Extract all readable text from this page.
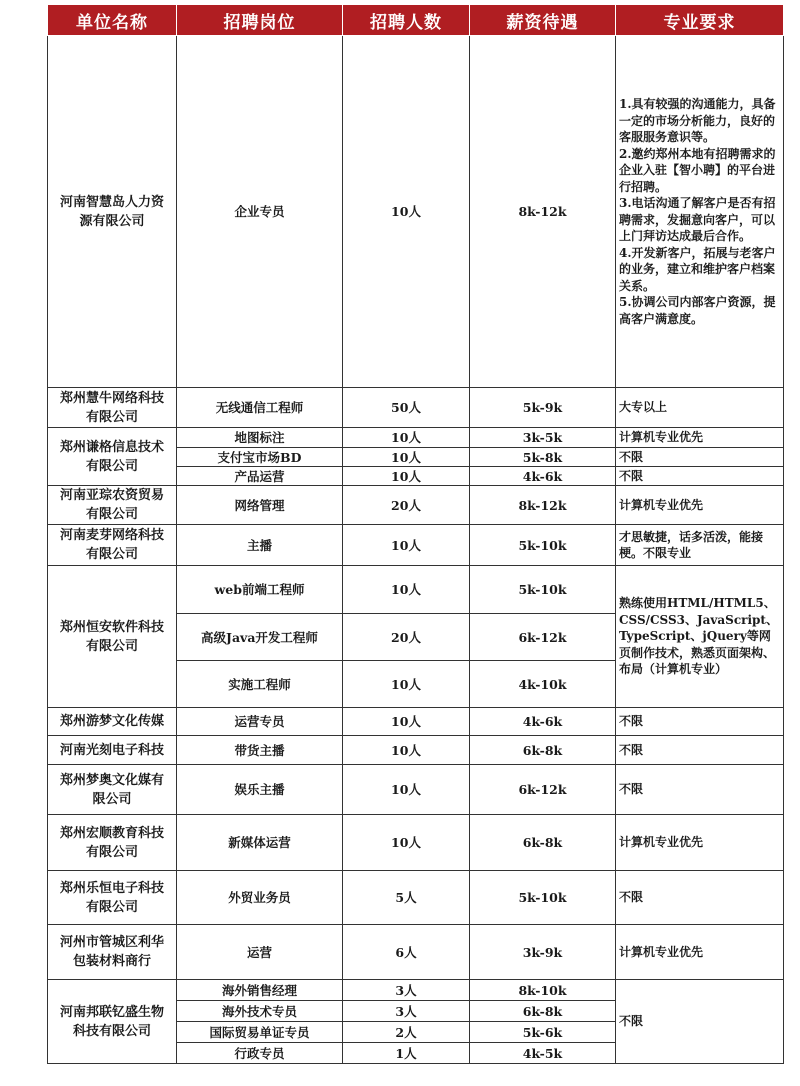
单位名称	招聘岗位	招聘人数	薪资待遇	专业要求
河南智慧岛人力资源有限公司	企业专员	10人	8k-12k	1.具有较强的沟通能力，具备一定的市场分析能力，良好的客服服务意识等。
2.邀约郑州本地有招聘需求的企业入驻【智小聘】的平台进行招聘。
3.电话沟通了解客户是否有招聘需求，发掘意向客户，可以上门拜访达成最后合作。
4.开发新客户，拓展与老客户的业务，建立和维护客户档案关系。
5.协调公司内部客户资源，提高客户满意度。

郑州慧牛网络科技有限公司	无线通信工程师	50人	5k-9k	大专以上
郑州谦格信息技术有限公司	地图标注	10人	3k-5k	计算机专业优先
	支付宝市场BD	10人	5k-8k	不限
	产品运营	10人	4k-6k	不限
河南亚琮农资贸易有限公司	网络管理	20人	8k-12k	计算机专业优先
河南麦芽网络科技有限公司	主播	10人	5k-10k	才思敏捷，话多活泼，能接梗。不限专业
郑州恒安软件科技有限公司	web前端工程师	10人	5k-10k	熟练使用HTML/HTML5、CSS/CSS3、JavaScript、TypeScript、jQuery等网页制作技术，熟悉页面架构、布局（计算机专业）
	高级Java开发工程师	20人	6k-12k	
	实施工程师	10人	4k-10k	
郑州游梦文化传媒	运营专员	10人	4k-6k	不限
河南光刻电子科技	带货主播	10人	6k-8k	不限
郑州梦奥文化媒有限公司	娱乐主播	10人	6k-12k	不限
郑州宏顺教育科技有限公司	新媒体运营	10人	6k-8k	计算机专业优先
郑州乐恒电子科技有限公司	外贸业务员	5人	5k-10k	不限
河州市管城区利华包装材料商行	运营	6人	3k-9k	计算机专业优先
河南邦联钇盛生物科技有限公司	海外销售经理	3人	8k-10k	不限
	海外技术专员	3人	6k-8k	
	国际贸易单证专员	2人	5k-6k	
	行政专员	1人	4k-5k	
